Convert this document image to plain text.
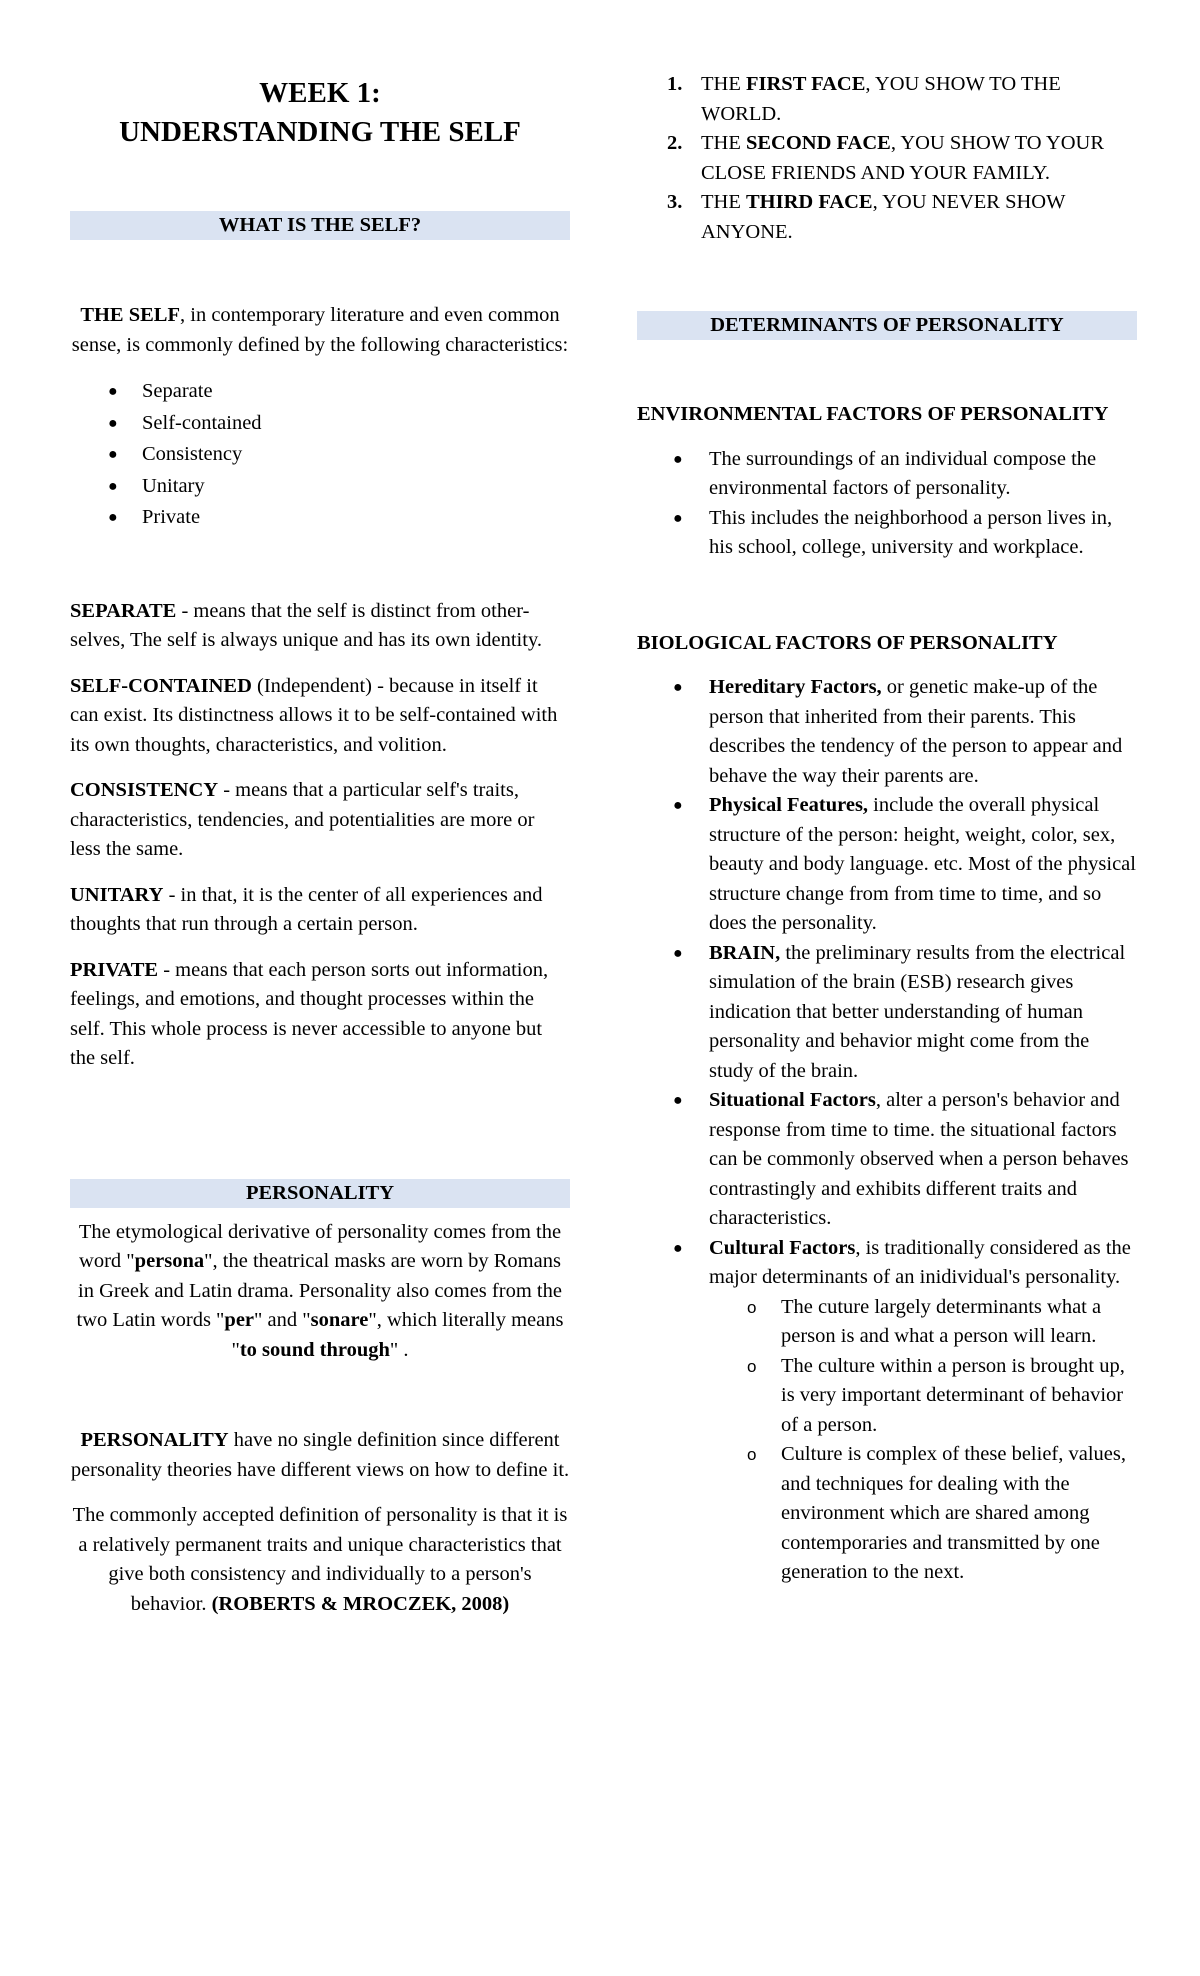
WEEK 1:
UNDERSTANDING THE SELF
WHAT IS THE SELF?

THE SELF, in contemporary literature and even common sense, is commonly defined by the following characteristics:

● Separate
● Self-contained
● Consistency
● Unitary
● Private

SEPARATE - means that the self is distinct from other-selves, The self is always unique and has its own identity.

SELF-CONTAINED (Independent) - because in itself it can exist. Its distinctness allows it to be self-contained with its own thoughts, characteristics, and volition.

CONSISTENCY - means that a particular self's traits, characteristics, tendencies, and potentialities are more or less the same.

UNITARY - in that, it is the center of all experiences and thoughts that run through a certain person.

PRIVATE - means that each person sorts out information, feelings, and emotions, and thought processes within the self. This whole process is never accessible to anyone but the self.

PERSONALITY

The etymological derivative of personality comes from the word "persona", the theatrical masks are worn by Romans in Greek and Latin drama. Personality also comes from the two Latin words "per" and "sonare", which literally means "to sound through" .

PERSONALITY have no single definition since different personality theories have different views on how to define it.

The commonly accepted definition of personality is that it is a relatively permanent traits and unique characteristics that give both consistency and individually to a person's behavior. (ROBERTS & MROCZEK, 2008)

1. THE FIRST FACE, YOU SHOW TO THE WORLD.
2. THE SECOND FACE, YOU SHOW TO YOUR CLOSE FRIENDS AND YOUR FAMILY.
3. THE THIRD FACE, YOU NEVER SHOW ANYONE.
DETERMINANTS OF PERSONALITY

ENVIRONMENTAL FACTORS OF PERSONALITY

● The surroundings of an individual compose the environmental factors of personality.
● This includes the neighborhood a person lives in, his school, college, university and workplace.

BIOLOGICAL FACTORS OF PERSONALITY

● Hereditary Factors, or genetic make-up of the person that inherited from their parents. This describes the tendency of the person to appear and behave the way their parents are.
● Physical Features, include the overall physical structure of the person: height, weight, color, sex, beauty and body language. etc. Most of the physical structure change from from time to time, and so does the personality.
● BRAIN, the preliminary results from the electrical simulation of the brain (ESB) research gives indication that better understanding of human personality and behavior might come from the study of the brain.
● Situational Factors, alter a person's behavior and response from time to time. the situational factors can be commonly observed when a person behaves contrastingly and exhibits different traits and characteristics.
● Cultural Factors, is traditionally considered as the major determinants of an inidividual's personality.
o The cuture largely determinants what a person is and what a person will learn.
o The culture within a person is brought up, is very important determinant of behavior of a person.
o Culture is complex of these belief, values, and techniques for dealing with the environment which are shared among contemporaries and transmitted by one generation to the next.
